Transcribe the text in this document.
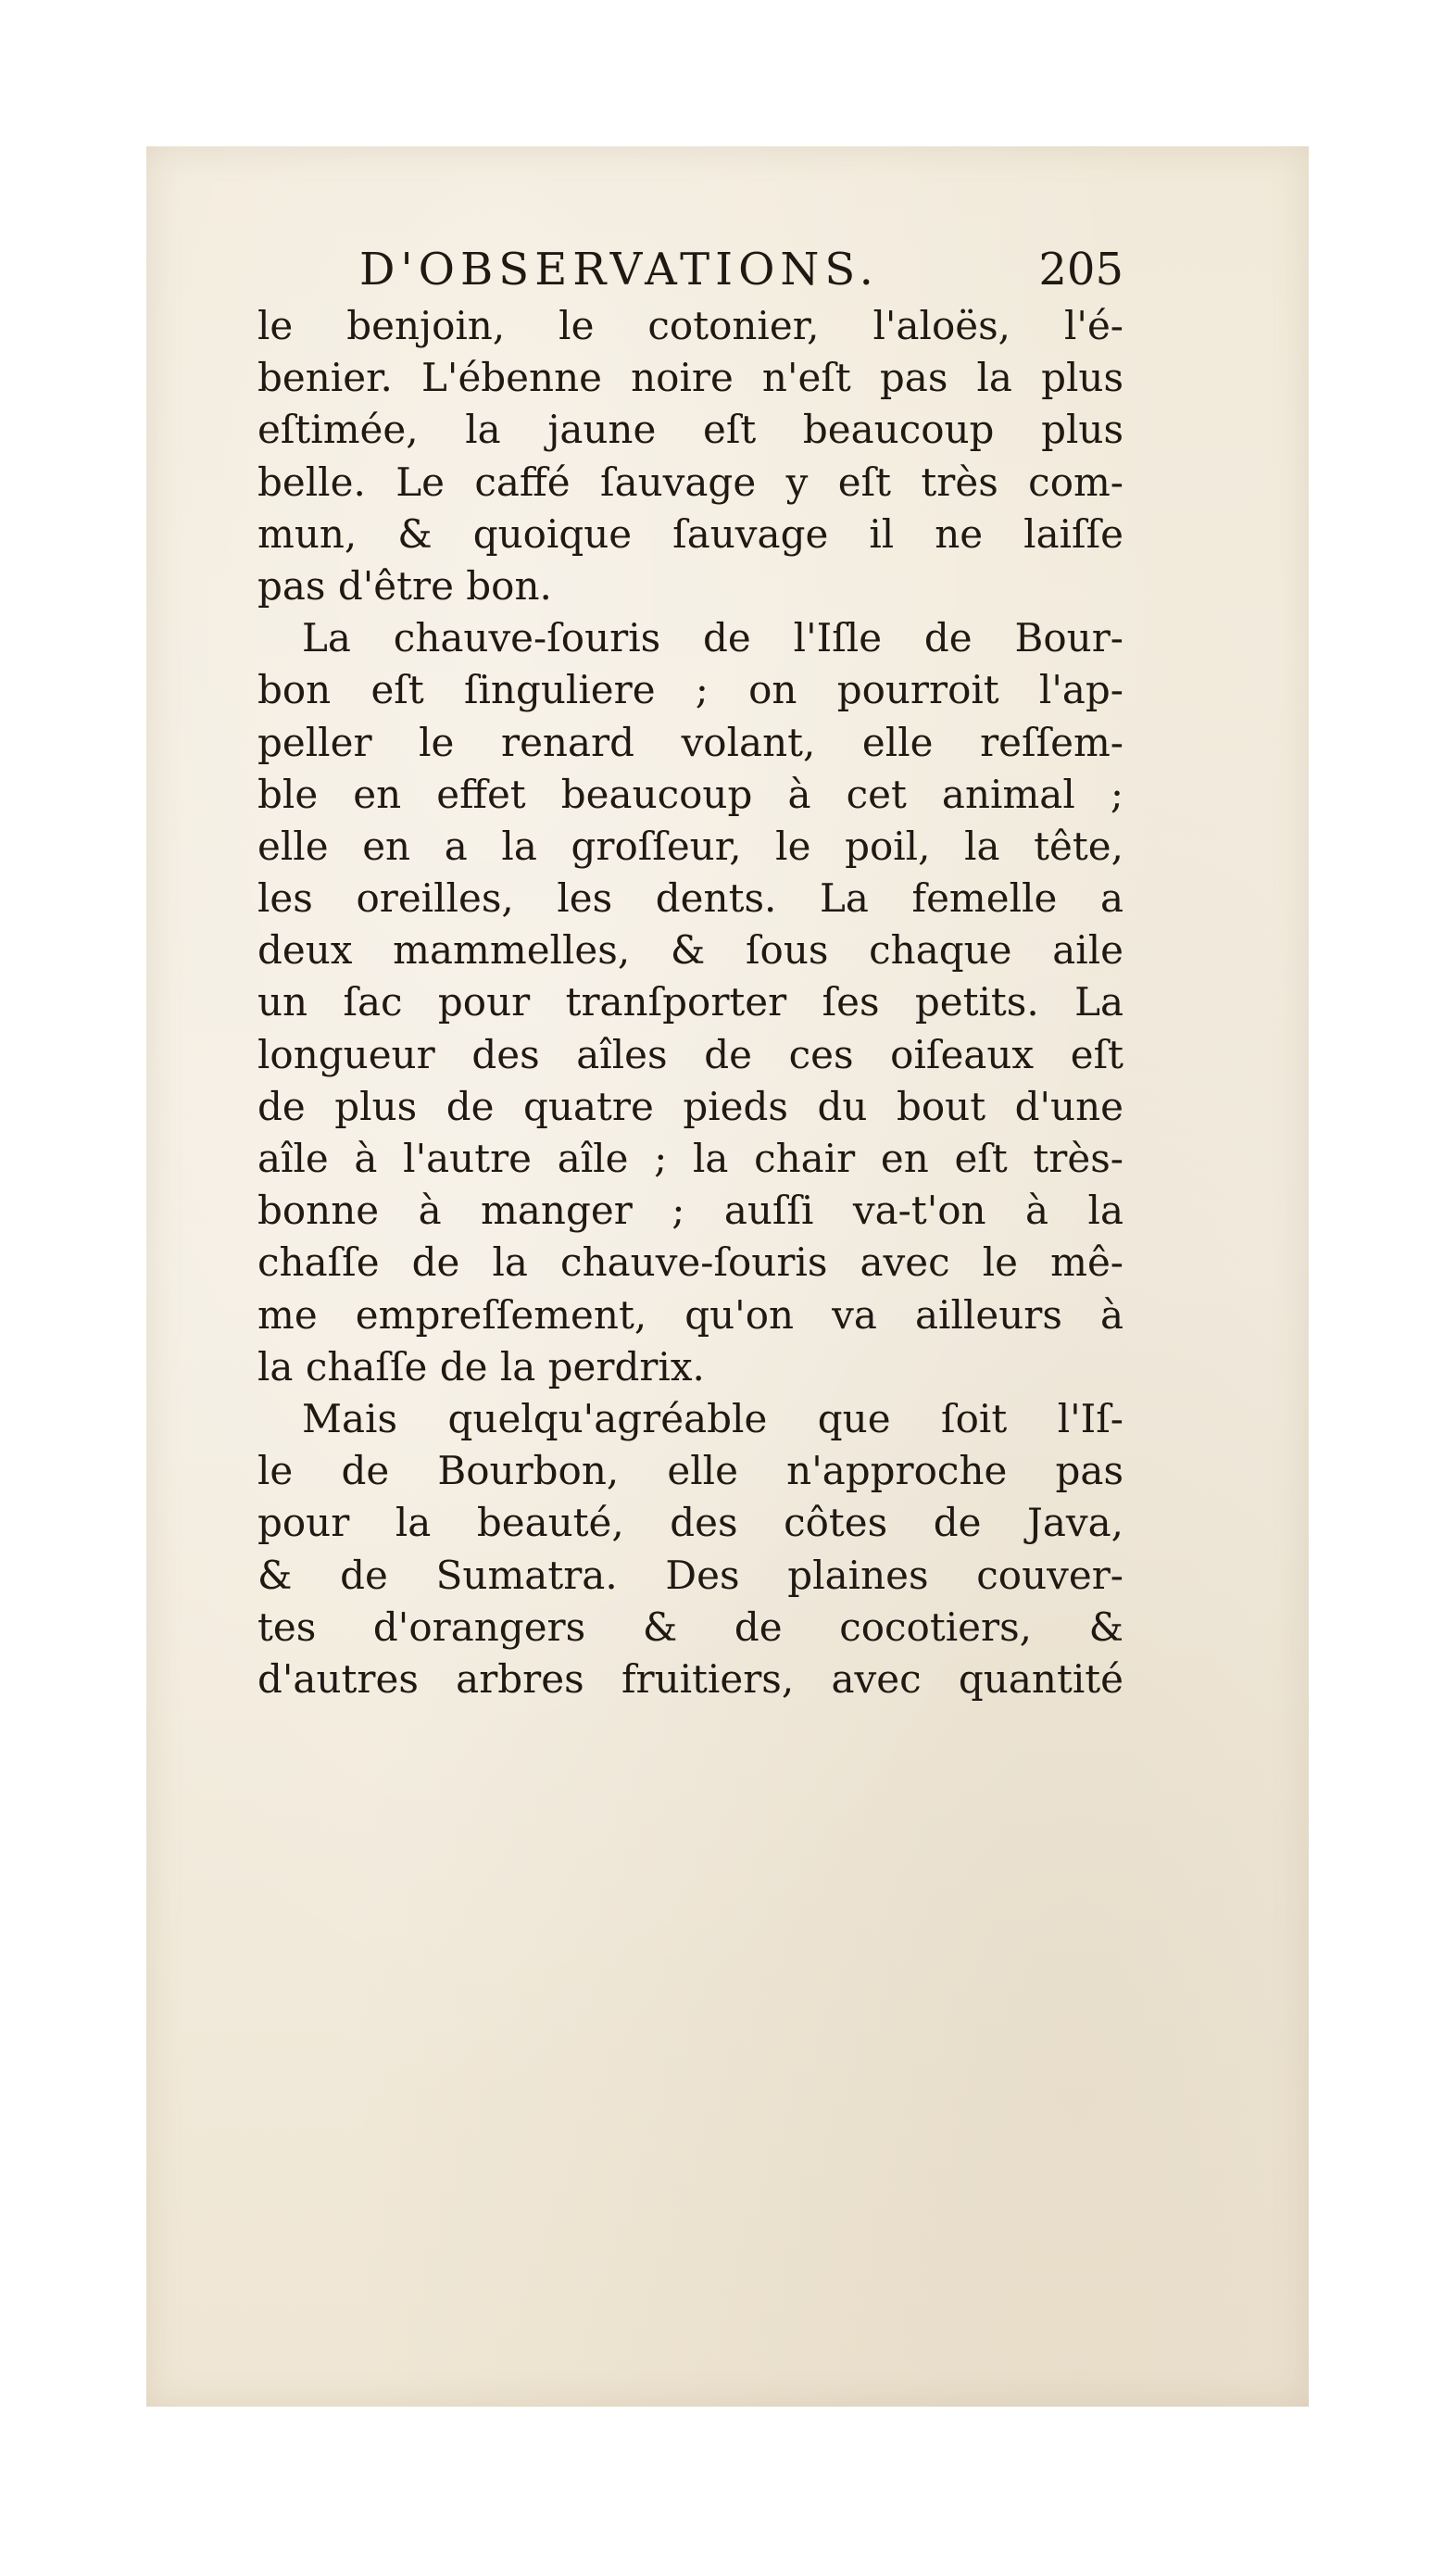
D'OBSERVATIONS.	205
le benjoin, le cotonier, l'aloës, l'é-
benier. L'ébenne noire n'eſt pas la plus
eſtimée, la jaune eſt beaucoup plus
belle. Le caffé ſauvage y eſt très com-
mun, & quoique ſauvage il ne laiſſe
pas d'être bon.
La chauve-ſouris de l'Iſle de Bour-
bon eſt ſinguliere ; on pourroit l'ap-
peller le renard volant, elle reſſem-
ble en effet beaucoup à cet animal ;
elle en a la groſſeur, le poil, la tête,
les oreilles, les dents. La femelle a
deux mammelles, & ſous chaque aile
un ſac pour tranſporter ſes petits. La
longueur des aîles de ces oiſeaux eſt
de plus de quatre pieds du bout d'une
aîle à l'autre aîle ; la chair en eſt très-
bonne à manger ; auſſi va-t'on à la
chaſſe de la chauve-ſouris avec le mê-
me empreſſement, qu'on va ailleurs à
la chaſſe de la perdrix.
Mais quelqu'agréable que ſoit l'Iſ-
le de Bourbon, elle n'approche pas
pour la beauté, des côtes de Java,
& de Sumatra. Des plaines couver-
tes d'orangers & de cocotiers, &
d'autres arbres fruitiers, avec quantité
